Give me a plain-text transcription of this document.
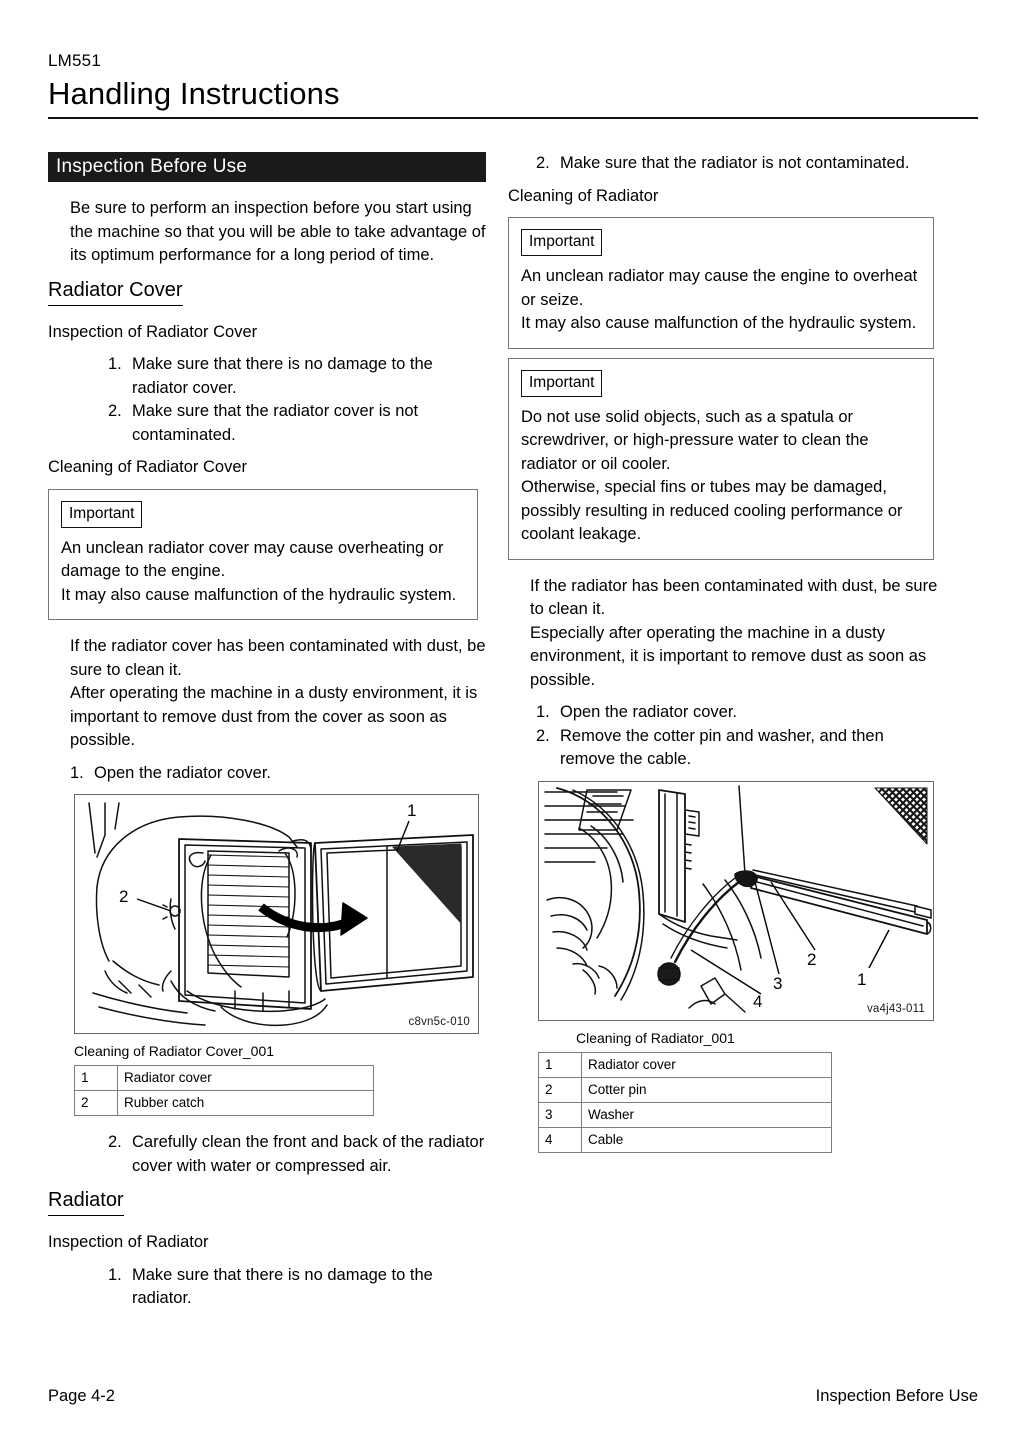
LM551
Handling Instructions
Inspection Before Use

Be sure to perform an inspection before you start using the machine so that you will be able to take advantage of its optimum performance for a long period of time.

Radiator Cover

Inspection of Radiator Cover

1. Make sure that there is no damage to the radiator cover.
2. Make sure that the radiator cover is not contaminated.

Cleaning of Radiator Cover

Important
An unclean radiator cover may cause overheating or damage to the engine.
It may also cause malfunction of the hydraulic system.

If the radiator cover has been contaminated with dust, be sure to clean it.

After operating the machine in a dusty environment, it is important to remove dust from the cover as soon as possible.

1. Open the radiator cover.
1
2
c8vn5c-010
Cleaning of Radiator Cover_001
1	Radiator cover
2	Rubber catch
2. Carefully clean the front and back of the radiator cover with water or compressed air.
Radiator

Inspection of Radiator

1. Make sure that there is no damage to the radiator.
2. Make sure that the radiator is not contaminated.

Cleaning of Radiator

Important
An unclean radiator may cause the engine to overheat or seize.
It may also cause malfunction of the hydraulic system.
Important
Do not use solid objects, such as a spatula or screwdriver, or high-pressure water to clean the radiator or oil cooler.
Otherwise, special fins or tubes may be damaged, possibly resulting in reduced cooling performance or coolant leakage.

If the radiator has been contaminated with dust, be sure to clean it.

Especially after operating the machine in a dusty environment, it is important to remove dust as soon as possible.

1. Open the radiator cover.
2. Remove the cotter pin and washer, and then remove the cable.
1
2
3
4	va4j43-011
Cleaning of Radiator_001
1	Radiator cover
2	Cotter pin
3	Washer
4	Cable
Page 4-2	Inspection Before Use
